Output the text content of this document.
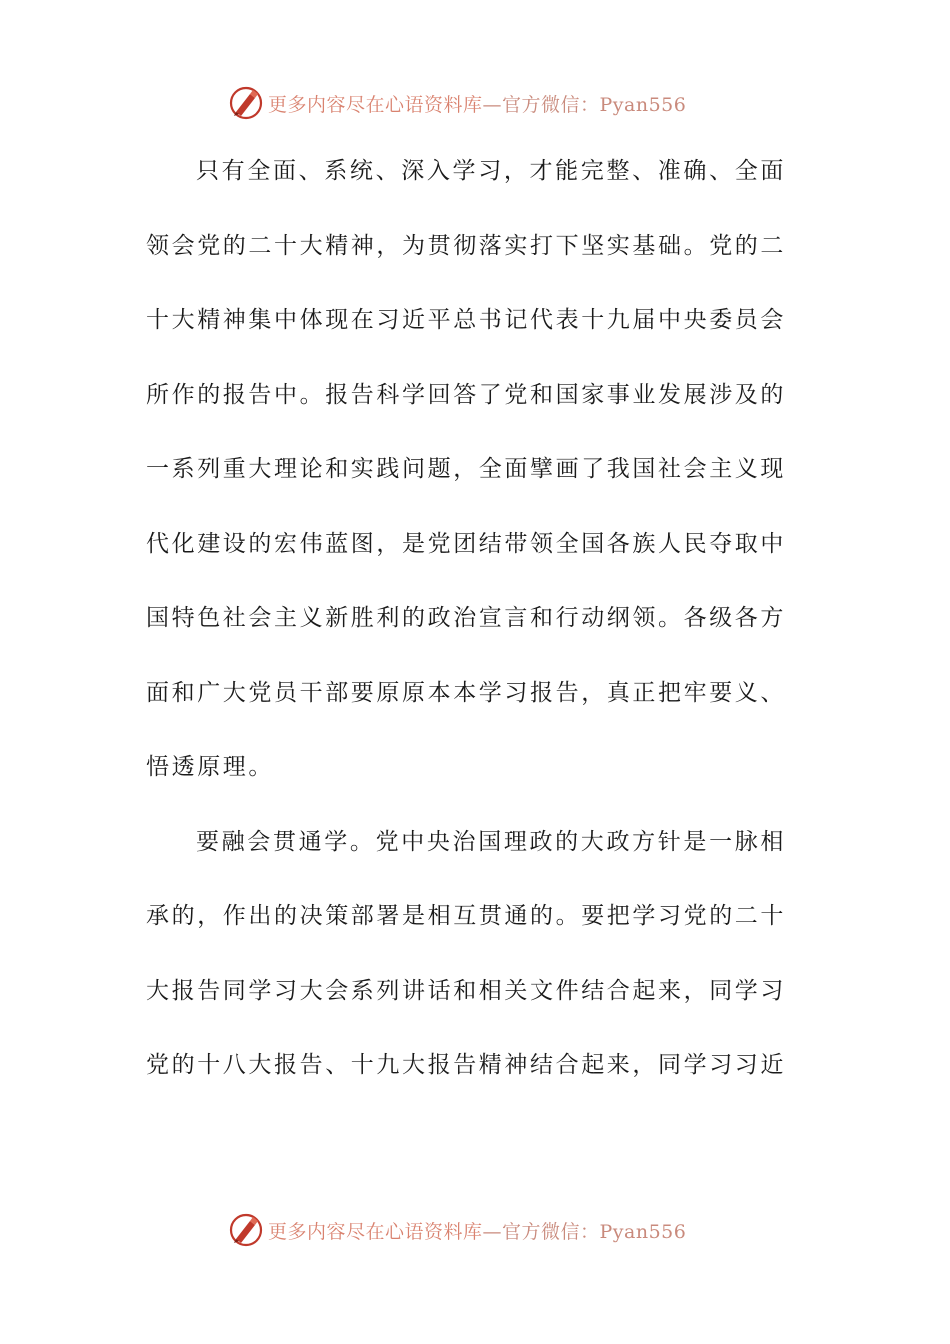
更多内容尽在心语资料库—官方微信：Pyan556

只有全面、系统、深入学习，才能完整、准确、全面领会党的二十大精神，为贯彻落实打下坚实基础。党的二十大精神集中体现在习近平总书记代表十九届中央委员会所作的报告中。报告科学回答了党和国家事业发展涉及的一系列重大理论和实践问题，全面擘画了我国社会主义现代化建设的宏伟蓝图，是党团结带领全国各族人民夺取中国特色社会主义新胜利的政治宣言和行动纲领。各级各方面和广大党员干部要原原本本学习报告，真正把牢要义、悟透原理。

要融会贯通学。党中央治国理政的大政方针是一脉相承的，作出的决策部署是相互贯通的。要把学习党的二十大报告同学习大会系列讲话和相关文件结合起来，同学习党的十八大报告、十九大报告精神结合起来，同学习习近

更多内容尽在心语资料库—官方微信：Pyan556
